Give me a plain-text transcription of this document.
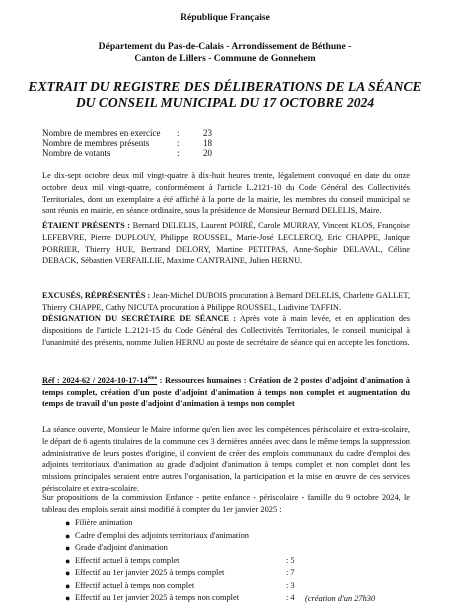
République Française
Département du Pas-de-Calais - Arrondissement de Béthune -
Canton de Lillers - Commune de Gonnehem
EXTRAIT DU REGISTRE DES DÉLIBERATIONS DE LA SÉANCE
DU CONSEIL MUNICIPAL DU 17 OCTOBRE 2024
Nombre de membres en exercice :	23
Nombre de membres présents	:	18
Nombre de votants	:	20
Le dix-sept octobre deux mil vingt-quatre à dix-huit heures trente, légalement convoqué en date du onze octobre deux mil vingt-quatre, conformément à l'article L.2121-10 du Code Général des Collectivités Territoriales, dont un exemplaire a été affiché à la porte de la mairie, les membres du conseil municipal se sont réunis en mairie, en séance ordinaire, sous la présidence de Monsieur Bernard DELELIS, Maire.
ÉTAIENT PRÉSENTS : Bernard DELELIS, Laurent POIRÉ, Carole MURRAY, Vincent KLOS, Françoise LEFEBVRE, Pierre DUPLOUY, Philippe ROUSSEL, Marie-José LECLERCQ, Eric CHAPPE, Janique PORRIER, Thierry HUE, Bertrand DELORY, Martine PETITPAS, Anne-Sophie DELAVAL, Céline DEBACK, Sébastien VERFAILLIE, Maxime CANTRAINE, Julien HERNU.
EXCUSÉS, RÉPRÉSENTÉS : Jean-Michel DUBOIS procuration à Bernard DELELIS, Charlette GALLET, Thierry CHAPPE, Cathy NICUTA procuration à Philippe ROUSSEL, Ludivine TAFFIN.
DÉSIGNATION DU SECRÉTAIRE DE SÉANCE : Après vote à main levée, et en application des dispositions de l'article L.2121-15 du Code Général des Collectivités Territoriales, le conseil municipal à l'unanimité des présents, nomme Julien HERNU au poste de secrétaire de séance qui en accepte les fonctions.
Réf : 2024-62 / 2024-10-17-14ème : Ressources humaines : Création de 2 postes d'adjoint d'animation à temps complet, création d'un poste d'adjoint d'animation à temps non complet et augmentation du temps de travail d'un poste d'adjoint d'animation à temps non complet
La séance ouverte, Monsieur le Maire informe qu'en lien avec les compétences périscolaire et extra-scolaire, le départ de 6 agents titulaires de la commune ces 3 dernières années avec dans le même temps la suppression administrative de leurs postes d'origine, il convient de créer des emplois communaux du cadre d'emploi des adjoints territoriaux d'animation au grade d'adjoint d'animation à temps complet et non complet dont les missions principales seraient entre autres l'organisation, la participation et la mise en œuvre de ces services périscolaire et extra-scolaire.
Sur propositions de la commission Enfance - petite enfance - périscolaire - famille du 9 octobre 2024, le tableau des emplois serait ainsi modifié à compter du 1er janvier 2025 :
● Filière animation
● Cadre d'emploi des adjoints territoriaux d'animation
● Grade d'adjoint d'animation
● Effectif actuel à temps complet	: 5
● Effectif au 1er janvier 2025 à temps complet	: 7
● Effectif actuel à temps non complet	: 3
● Effectif au 1er janvier 2025 à temps non complet	: 4 (création d'un 27h30
